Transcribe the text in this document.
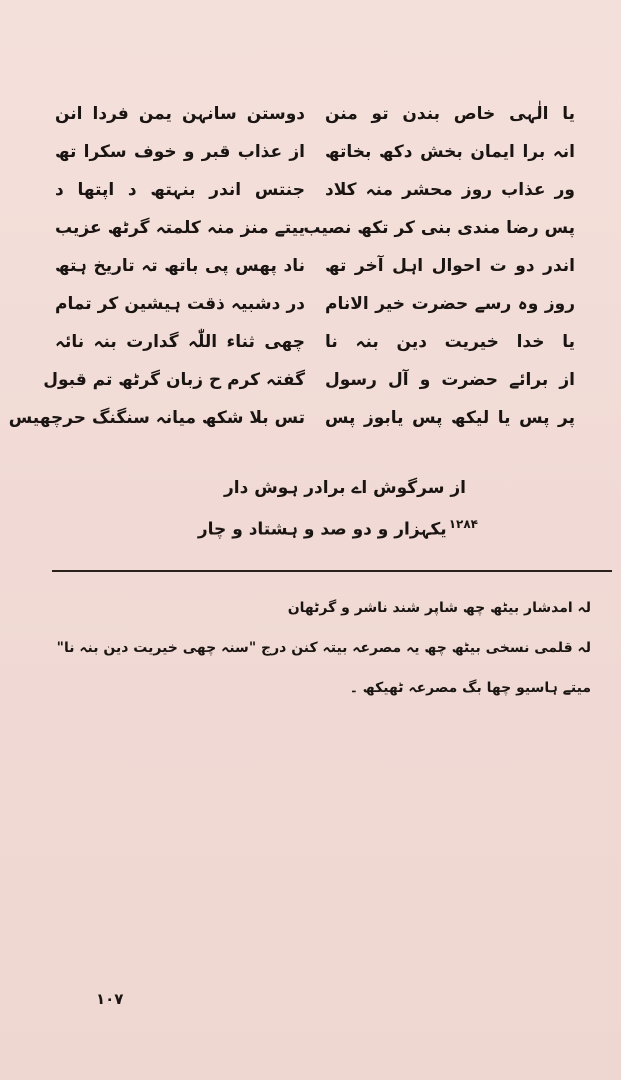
یا الٰہی خاص بندن تو منن
انہ برا ایمان بخش دکھ بخاتھ
ور عذاب روز محشر منہ کلاد
پس رضا مندی بنی کر تکھ نصیب
اندر دو ت احوال اہل آخر تھ
روز وہ رسے حضرت خیر الانام
یا خدا خیریت دین بنہ نا
از برائے حضرت و آل رسول
پر پس یا لیکھ پس یابوز پس
دوستن سانہن یمن فردا انن
از عذاب قبر و خوف سکرا تھ
جنتس اندر بنہتھ د اپتھا د
ییتے منز منہ کلمتہ گرٹھ عزیب
ناد پھس پی باتھ تہ تاریخ ہتھ
در دشبیہ ذقت ہیشین کر تمام
چھی ثناء اللّٰہ گدارت بنہ نائہ
گفتہ کرم ح زبان گرٹھ تم قبول
تس بلا شکھ میانہ سنگنگ حرچھیس
از سرگوش اے برادر ہوش دار
$^{۱۲۸۴}$یکہزار و دو صد و ہشتاد و چار
لہ امدشار بیٹھ چھ شاپر شند ناشر و گرٹھان
لہ قلمی نسخی بیٹھ چھ یہ مصرعہ بیتہ کنن درج "سنہ چھی خیریت دین بنہ نا"
میتے ہاسیو چھا بگ مصرعہ ٹھیکھ ۔
۱۰۷
